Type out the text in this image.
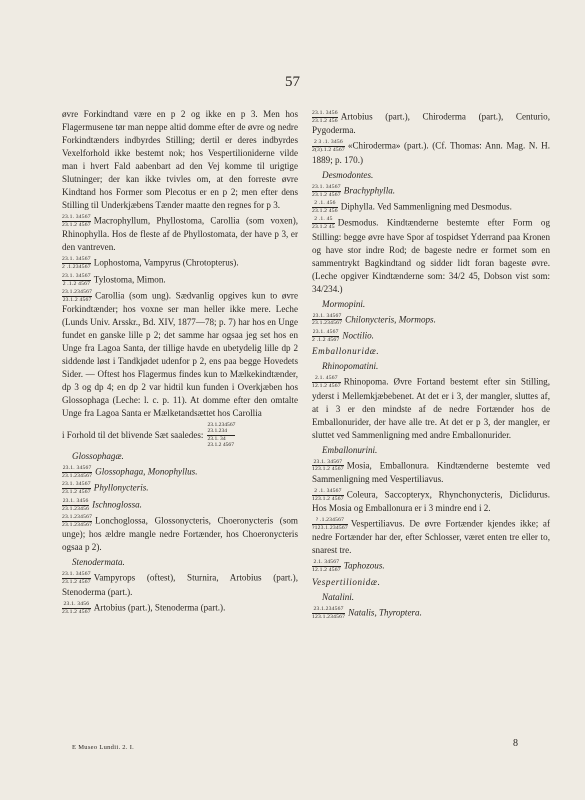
57

øvre Forkindtand være en p 2 og ikke en p 3. Men hos Flagermusene tør man neppe altid domme efter de øvre og nedre Forkindtænders indbyrdes Stilling; dertil er deres indbyrdes Vexelforhold ikke bestemt nok; hos Vespertilioniderne vilde man i hvert Fald aabenbart ad den Vej komme til urigtige Slutninger; der kan ikke tvivles om, at den forreste øvre Kindtand hos Former som Plecotus er en p 2; men efter dens Stilling til Underkjæbens Tænder maatte den regnes for p 3.

$\frac{23.1. 34567}{23.1.2 4567}$ Macrophyllum, Phyllostoma, Carollia (som voxen), Rhinophylla. Hos de fleste af de Phyllostomata, der have p 3, er den vantreven.
$\frac{23.1. 34567}{2 .1.234567}$ Lophostoma, Vampyrus (Chrotopterus).
$\frac{23.1. 34567}{2 .1.2 4567}$ Tylostoma, Mimon.
$\frac{23.1.234567}{23.1.2 4567}$ Carollia (som ung). Sædvanlig opgives kun to øvre Forkindtænder; hos voxne ser man heller ikke mere. Leche (Lunds Univ. Arsskr., Bd. XIV, 1877—78; p. 7) har hos en Unge fundet en ganske lille p 2; det samme har ogsaa jeg set hos en Unge fra Lagoa Santa, der tillige havde en ubetydelig lille dp 2 siddende løst i Tandkjødet udenfor p 2, ens paa begge Hovedets Sider. — Oftest hos Flagermus findes kun to Mælkekindtænder, dp 3 og dp 4; en dp 2 var hidtil kun funden i Overkjæben hos Glossophaga (Leche: l. c. p. 11). At domme efter den omtalte Unge fra Lagoa Santa er Mælketandsættet hos Carollia
i Forhold til det blivende Sæt saaledes:
23.1.234567
23.1.234
23.1. 34
23.1.2 4567
Glossophagæ.
$\frac{23.1. 34567}{23.1.234567}$ Glossophaga, Monophyllus.
$\frac{23.1. 34567}{23.1.2 4567}$ Phyllonycteris.
$\frac{23.1. 3456}{23.1.23456}$ Ischnoglossa.
$\frac{23.1.234567}{23.1.234567}$ Lonchoglossa, Glossonycteris, Choeronycteris (som unge); hos ældre mangle nedre Fortænder, hos Choeronycteris ogsaa p 2).
Stenodermata.
$\frac{23.1. 34567}{23.1.2 4567}$ Vampyrops (oftest), Sturnira, Artobius (part.), Stenoderma (part.).
$\frac{23.1. 3456}{23.1.2 4567}$ Artobius (part.), Stenoderma (part.).
$\frac{23.1. 3456}{23.1.2 456}$ Artobius (part.), Chiroderma (part.), Centurio, Pygoderma.
$\frac{2 3 .1. 3456}{2(3).1.2 4567}$ «Chiroderma» (part.). (Cf. Thomas: Ann. Mag. N. H. 1889; p. 170.)
Desmodontes.
$\frac{23.1. 34567}{23.1.2 4567}$ Brachyphylla.
$\frac{2 .1. 456}{23.1.2 456}$ Diphylla. Ved Sammenligning med Desmodus.
$\frac{2 .1. 45}{23.1.2 45}$ Desmodus. Kindtænderne bestemte efter Form og Stilling: begge øvre have Spor af tospidset Yderrand paa Kronen og have stor indre Rod; de bageste nedre er formet som en sammentrykt Bagkindtand og sidder lidt foran bageste øvre. (Leche opgiver Kindtænderne som: 34/2 45, Dobson vist som: 34/234.)
Mormopini.
$\frac{23.1. 34567}{23.1.234567}$ Chilonycteris, Mormops.
$\frac{23.1. 4567}{2 .1.2 4567}$ Noctilio.
Emballonuridæ.
Rhinopomatini.
$\frac{2.1. 4567}{12.1.2 4567}$ Rhinopoma. Øvre Fortand bestemt efter sin Stilling, yderst i Mellemkjæbebenet. At det er i 3, der mangler, sluttes af, at i 3 er den mindste af de nedre Fortænder hos de Emballonurider, der have alle tre. At det er p 3, der mangler, er sluttet ved Sammenligning med andre Emballonurider.
Emballonurini.
$\frac{23.1. 34567}{123.1.2 4567}$ Mosia, Emballonura. Kindtænderne bestemte ved Sammenligning med Vespertiliavus.
$\frac{2 .1. 34567}{123.1.2 4567}$ Coleura, Saccopteryx, Rhynchonycteris, Diclidurus. Hos Mosia og Emballonura er i 3 mindre end i 2.
$\frac{? .1.234567}{?123.1.234567}$ Vespertiliavus. De øvre Fortænder kjendes ikke; af nedre Fortænder har der, efter Schlosser, været enten tre eller to, snarest tre.
$\frac{2.1. 34567}{12.1.2 4567}$ Taphozous.
Vespertilionidæ.
Natalini.
$\frac{23.1.234567}{123.1.234567}$ Natalis, Thyroptera.
E Museo Lundii. 2. I.	8
